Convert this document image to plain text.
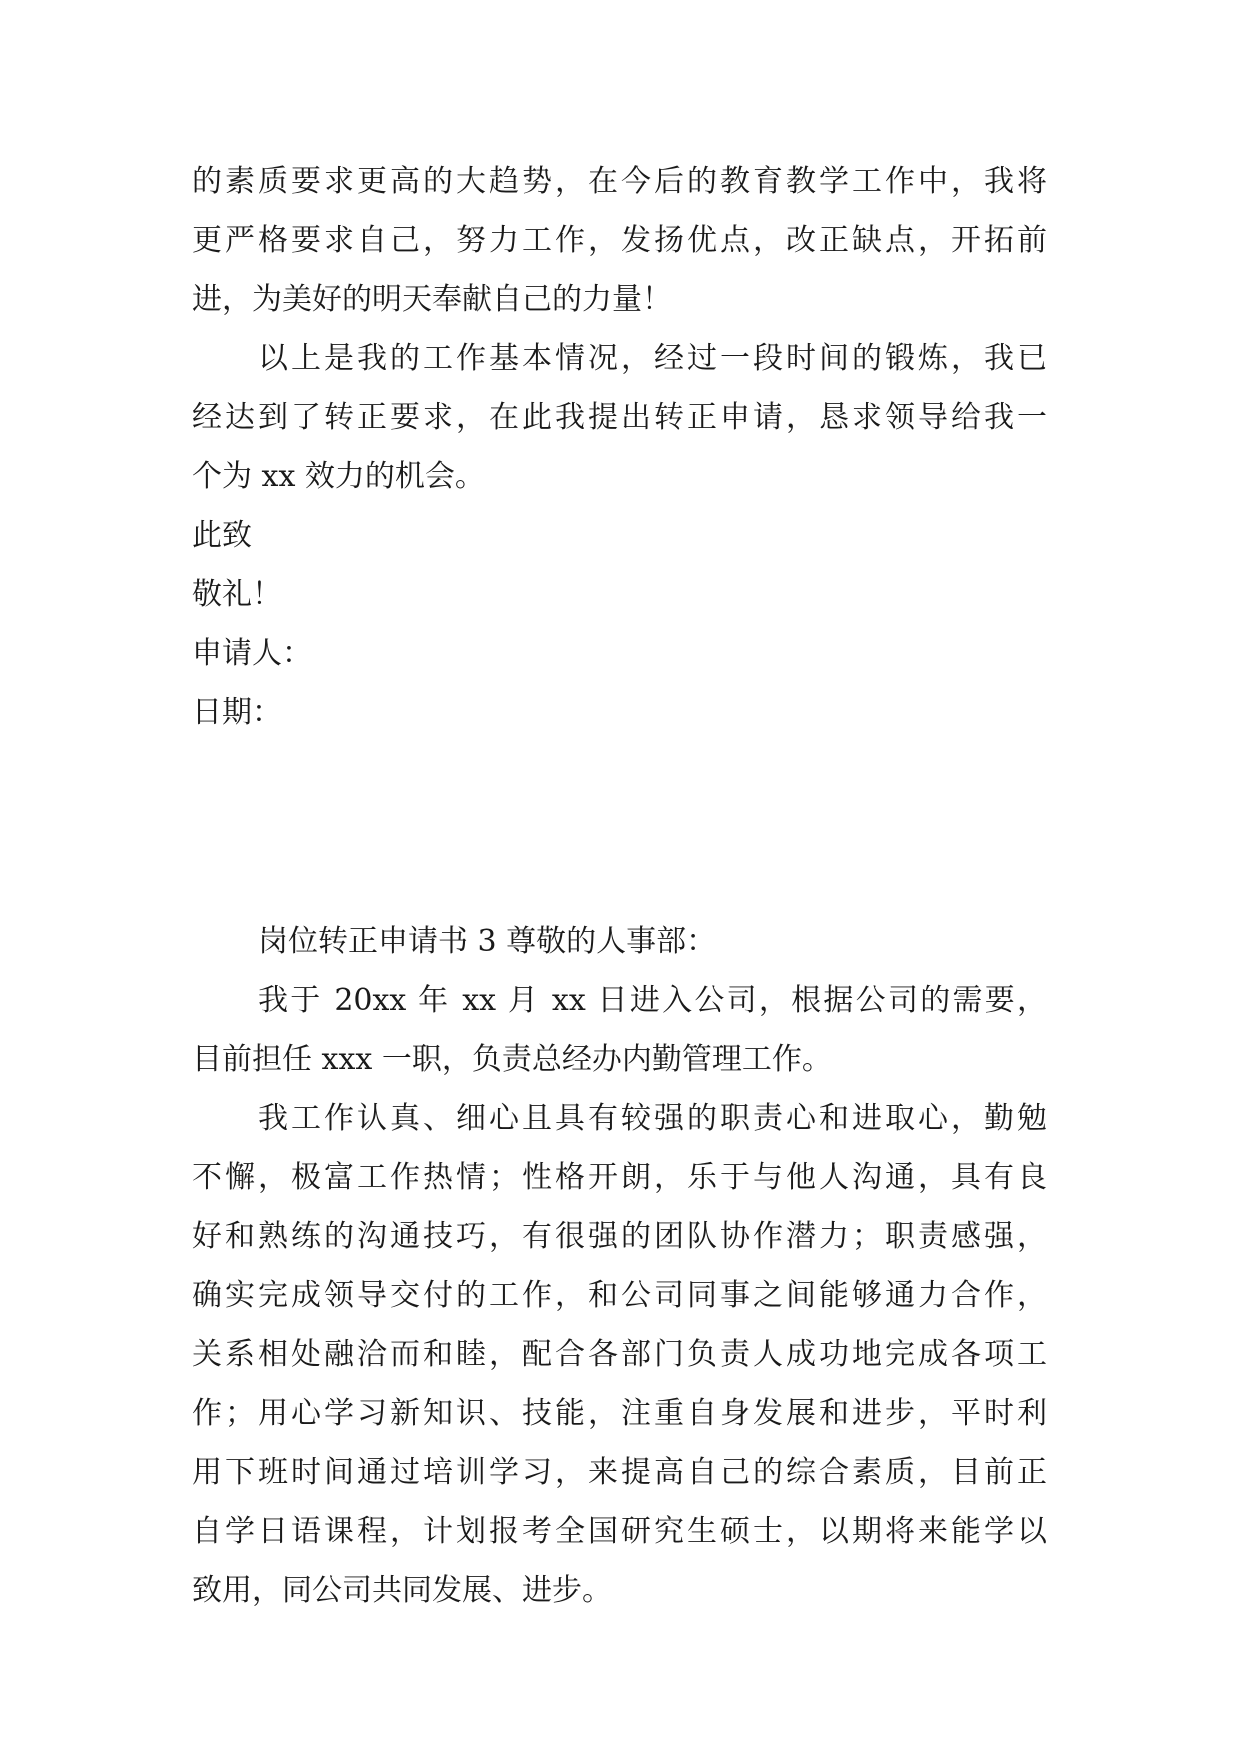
的素质要求更高的大趋势，在今后的教育教学工作中，我将

更严格要求自己，努力工作，发扬优点，改正缺点，开拓前

进，为美好的明天奉献自己的力量！

以上是我的工作基本情况，经过一段时间的锻炼，我已

经达到了转正要求，在此我提出转正申请，恳求领导给我一

个为 xx 效力的机会。

此致

敬礼！

申请人：

日期：

岗位转正申请书 3 尊敬的人事部：

我于 20xx 年 xx 月 xx 日进入公司，根据公司的需要，

目前担任 xxx 一职，负责总经办内勤管理工作。

我工作认真、细心且具有较强的职责心和进取心，勤勉

不懈，极富工作热情；性格开朗，乐于与他人沟通，具有良

好和熟练的沟通技巧，有很强的团队协作潜力；职责感强，

确实完成领导交付的工作，和公司同事之间能够通力合作，

关系相处融洽而和睦，配合各部门负责人成功地完成各项工

作；用心学习新知识、技能，注重自身发展和进步，平时利

用下班时间通过培训学习，来提高自己的综合素质，目前正

自学日语课程，计划报考全国研究生硕士，以期将来能学以

致用，同公司共同发展、进步。
